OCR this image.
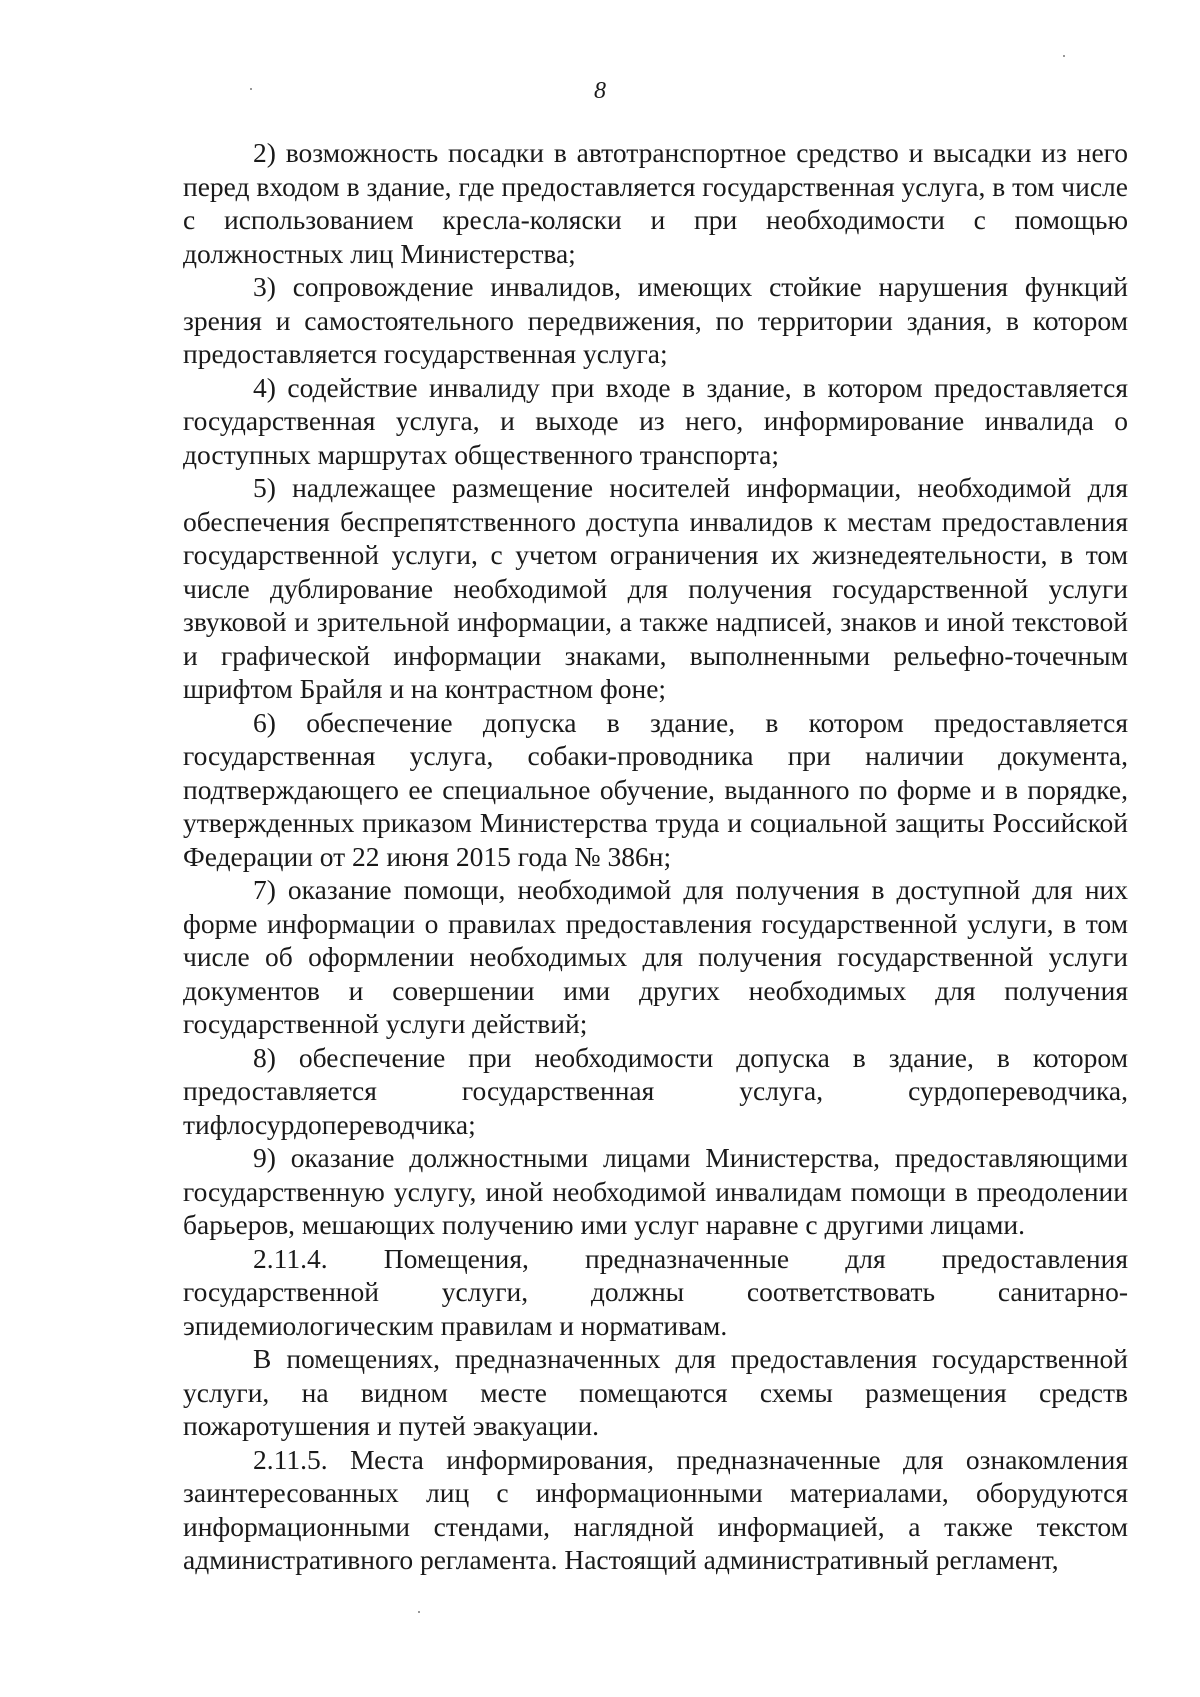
8

2) возможность посадки в автотранспортное средство и высадки из него перед входом в здание, где предоставляется государственная услуга, в том числе с использованием кресла-коляски и при необходимости с помощью должностных лиц Министерства;

3) сопровождение инвалидов, имеющих стойкие нарушения функций зрения и самостоятельного передвижения, по территории здания, в котором предоставляется государственная услуга;

4) содействие инвалиду при входе в здание, в котором предоставляется государственная услуга, и выходе из него, информирование инвалида о доступных маршрутах общественного транспорта;

5) надлежащее размещение носителей информации, необходимой для обеспечения беспрепятственного доступа инвалидов к местам предоставления государственной услуги, с учетом ограничения их жизнедеятельности, в том числе дублирование необходимой для получения государственной услуги звуковой и зрительной информации, а также надписей, знаков и иной текстовой и графической информации знаками, выполненными рельефно-точечным шрифтом Брайля и на контрастном фоне;

6) обеспечение допуска в здание, в котором предоставляется государственная услуга, собаки-проводника при наличии документа, подтверждающего ее специальное обучение, выданного по форме и в порядке, утвержденных приказом Министерства труда и социальной защиты Российской Федерации от 22 июня 2015 года № 386н;

7) оказание помощи, необходимой для получения в доступной для них форме информации о правилах предоставления государственной услуги, в том числе об оформлении необходимых для получения государственной услуги документов и совершении ими других необходимых для получения государственной услуги действий;

8) обеспечение при необходимости допуска в здание, в котором предоставляется государственная услуга, сурдопереводчика, тифлосурдопереводчика;

9) оказание должностными лицами Министерства, предоставляющими государственную услугу, иной необходимой инвалидам помощи в преодолении барьеров, мешающих получению ими услуг наравне с другими лицами.

2.11.4. Помещения, предназначенные для предоставления государственной услуги, должны соответствовать санитарно-эпидемиологическим правилам и нормативам.

В помещениях, предназначенных для предоставления государственной услуги, на видном месте помещаются схемы размещения средств пожаротушения и путей эвакуации.

2.11.5. Места информирования, предназначенные для ознакомления заинтересованных лиц с информационными материалами, оборудуются информационными стендами, наглядной информацией, а также текстом административного регламента. Настоящий административный регламент,
